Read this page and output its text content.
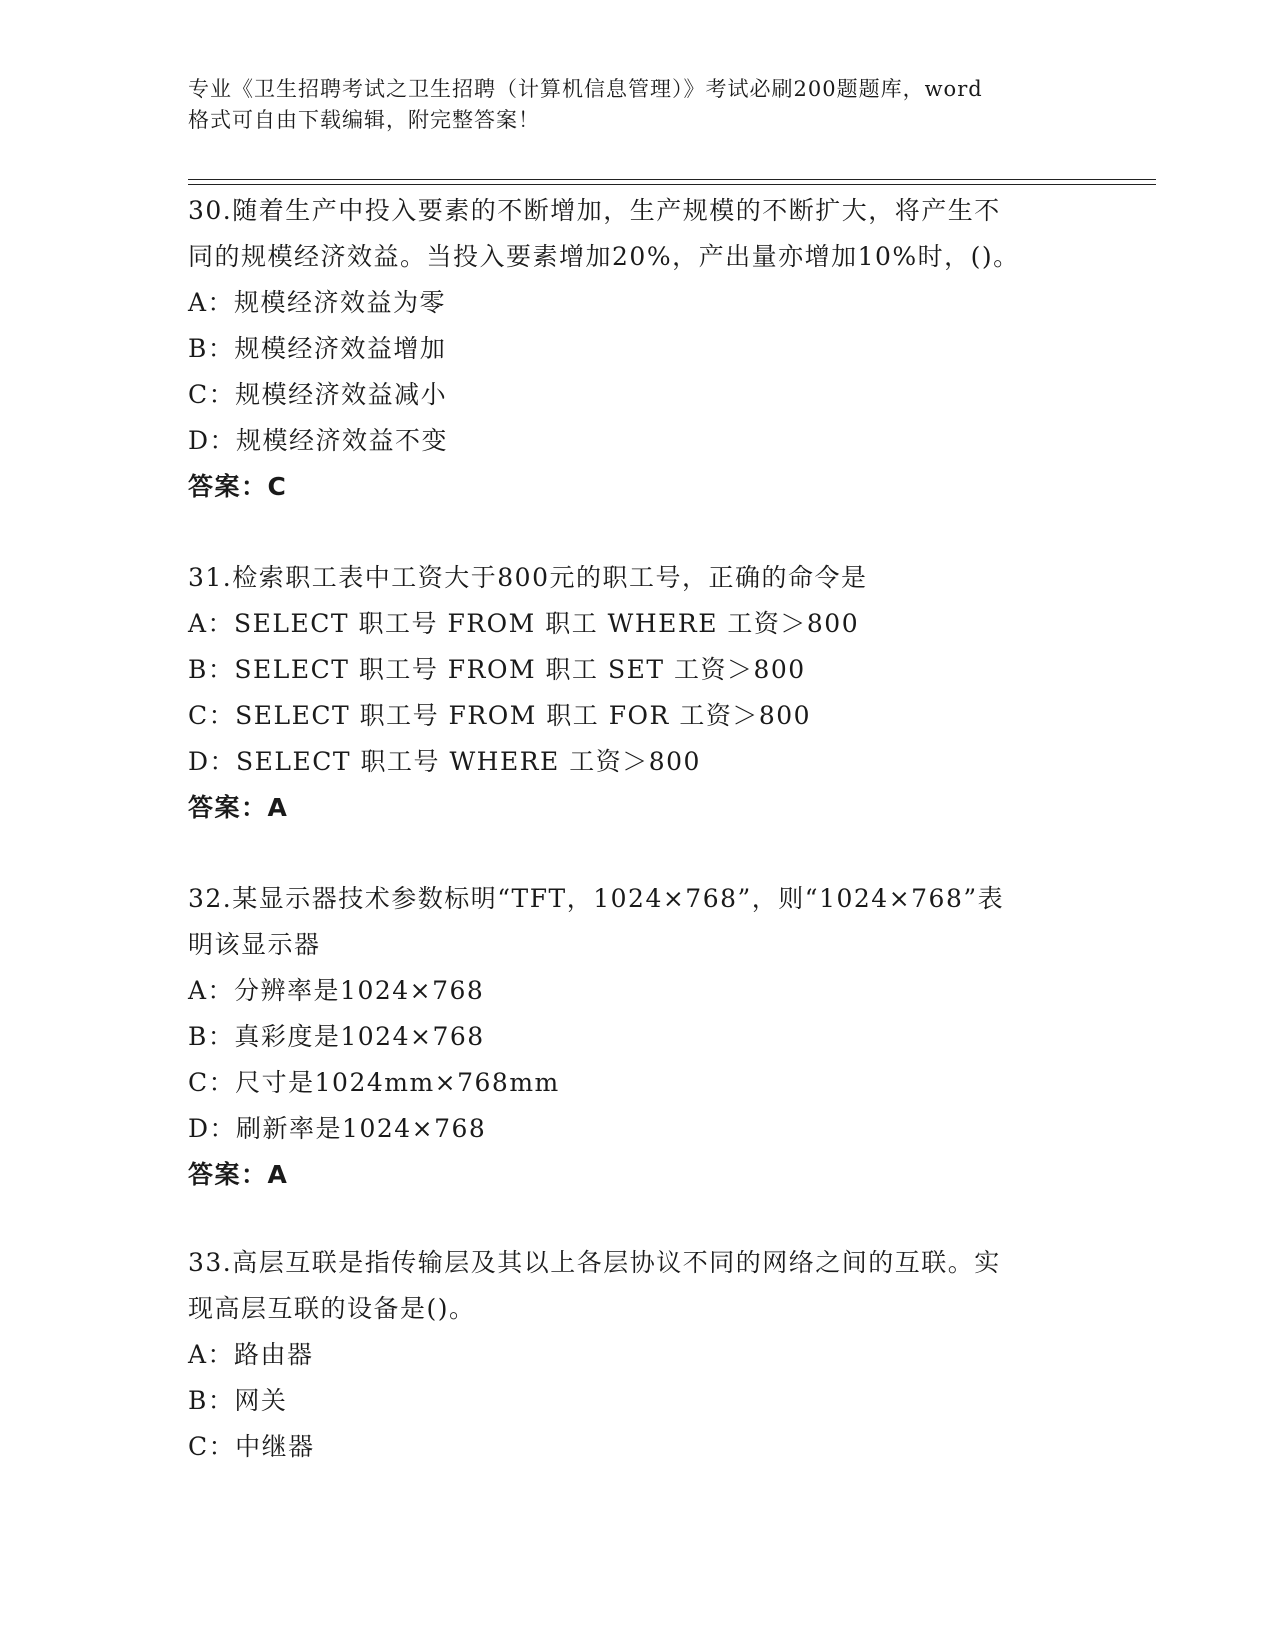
专业《卫生招聘考试之卫生招聘（计算机信息管理）》考试必刷200题题库，word
格式可自由下载编辑，附完整答案！
30.随着生产中投入要素的不断增加，生产规模的不断扩大，将产生不
同的规模经济效益。当投入要素增加20%，产出量亦增加10%时，()。
A：规模经济效益为零
B：规模经济效益增加
C：规模经济效益减小
D：规模经济效益不变
答案：C
31.检索职工表中工资大于800元的职工号，正确的命令是
A：SELECT 职工号 FROM 职工 WHERE 工资＞800
B：SELECT 职工号 FROM 职工 SET 工资＞800
C：SELECT 职工号 FROM 职工 FOR 工资＞800
D：SELECT 职工号 WHERE 工资＞800
答案：A
32.某显示器技术参数标明“TFT，1024×768”，则“1024×768”表
明该显示器
A：分辨率是1024×768
B：真彩度是1024×768
C：尺寸是1024mm×768mm
D：刷新率是1024×768
答案：A
33.高层互联是指传输层及其以上各层协议不同的网络之间的互联。实
现高层互联的设备是()。
A：路由器
B：网关
C：中继器
